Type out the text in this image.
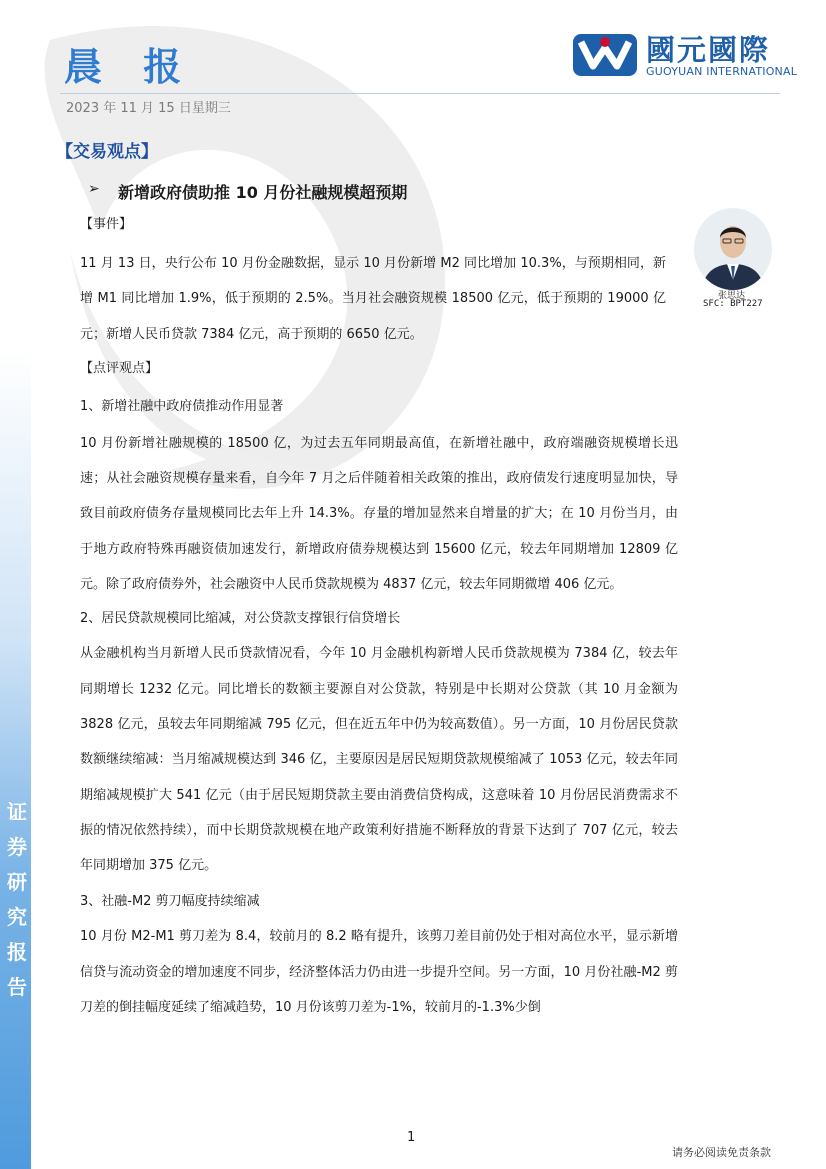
证券研究报告
晨 报
2023 年 11 月 15 日星期三
國元國際
GUOYUAN INTERNATIONAL
【交易观点】
➢ 新增政府债助推 10 月份社融规模超预期
张思达
SFC: BPT227

【事件】

11 月 13 日，央行公布 10 月份金融数据，显示 10 月份新增 M2 同比增加 10.3%，与预期相同，新增 M1 同比增加 1.9%，低于预期的 2.5%。当月社会融资规模 18500 亿元，低于预期的 19000 亿元；新增人民币贷款 7384 亿元，高于预期的 6650 亿元。

【点评观点】

1、新增社融中政府债推动作用显著

10 月份新增社融规模的 18500 亿，为过去五年同期最高值，在新增社融中，政府端融资规模增长迅速；从社会融资规模存量来看，自今年 7 月之后伴随着相关政策的推出，政府债发行速度明显加快，导致目前政府债务存量规模同比去年上升 14.3%。存量的增加显然来自增量的扩大；在 10 月份当月，由于地方政府特殊再融资债加速发行，新增政府债券规模达到 15600 亿元，较去年同期增加 12809 亿元。除了政府债券外，社会融资中人民币贷款规模为 4837 亿元，较去年同期微增 406 亿元。

2、居民贷款规模同比缩减，对公贷款支撑银行信贷增长

从金融机构当月新增人民币贷款情况看，今年 10 月金融机构新增人民币贷款规模为 7384 亿，较去年同期增长 1232 亿元。同比增长的数额主要源自对公贷款，特别是中长期对公贷款（其 10 月金额为 3828 亿元，虽较去年同期缩减 795 亿元，但在近五年中仍为较高数值）。另一方面，10 月份居民贷款数额继续缩减：当月缩减规模达到 346 亿，主要原因是居民短期贷款规模缩减了 1053 亿元，较去年同期缩减规模扩大 541 亿元（由于居民短期贷款主要由消费信贷构成，这意味着 10 月份居民消费需求不振的情况依然持续），而中长期贷款规模在地产政策利好措施不断释放的背景下达到了 707 亿元，较去年同期增加 375 亿元。

3、社融-M2 剪刀幅度持续缩减

10 月份 M2-M1 剪刀差为 8.4，较前月的 8.2 略有提升，该剪刀差目前仍处于相对高位水平，显示新增信贷与流动资金的增加速度不同步，经济整体活力仍由进一步提升空间。另一方面，10 月份社融-M2 剪刀差的倒挂幅度延续了缩减趋势，10 月份该剪刀差为-1%，较前月的-1.3%少倒

1
请务必阅读免责条款
